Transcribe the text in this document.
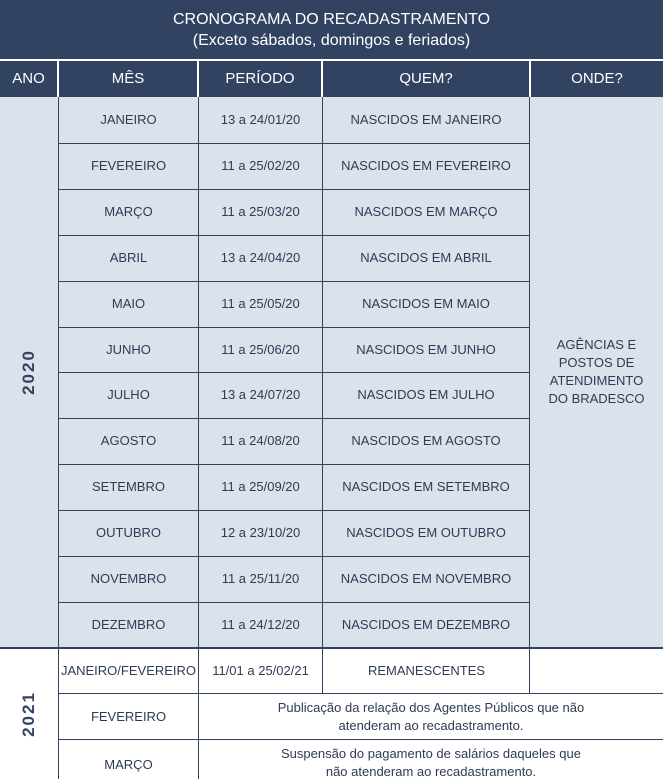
CRONOGRAMA DO RECADASTRAMENTO
(Exceto sábados, domingos e feriados)
ANO	MÊS	PERÍODO	QUEM?	ONDE?
AGÊNCIAS E POSTOS DE ATENDIMENTO DO BRADESCO
2020
2021
JANEIRO	13 a 24/01/20	NASCIDOS EM JANEIRO
FEVEREIRO	11 a 25/02/20	NASCIDOS EM FEVEREIRO
MARÇO	11 a 25/03/20	NASCIDOS EM MARÇO
ABRIL	13 a 24/04/20	NASCIDOS EM ABRIL
MAIO	11 a 25/05/20	NASCIDOS EM MAIO
JUNHO	11 a 25/06/20	NASCIDOS EM JUNHO
JULHO	13 a 24/07/20	NASCIDOS EM JULHO
AGOSTO	11 a 24/08/20	NASCIDOS EM AGOSTO
SETEMBRO	11 a 25/09/20	NASCIDOS EM SETEMBRO
OUTUBRO	12 a 23/10/20	NASCIDOS EM OUTUBRO
NOVEMBRO	11 a 25/11/20	NASCIDOS EM NOVEMBRO
DEZEMBRO	11 a 24/12/20	NASCIDOS EM DEZEMBRO
JANEIRO/FEVEREIRO	11/01 a 25/02/21	REMANESCENTES
FEVEREIRO
Publicação da relação dos Agentes Públicos que não atenderam ao recadastramento.
MARÇO
Suspensão do pagamento de salários daqueles que não atenderam ao recadastramento.
